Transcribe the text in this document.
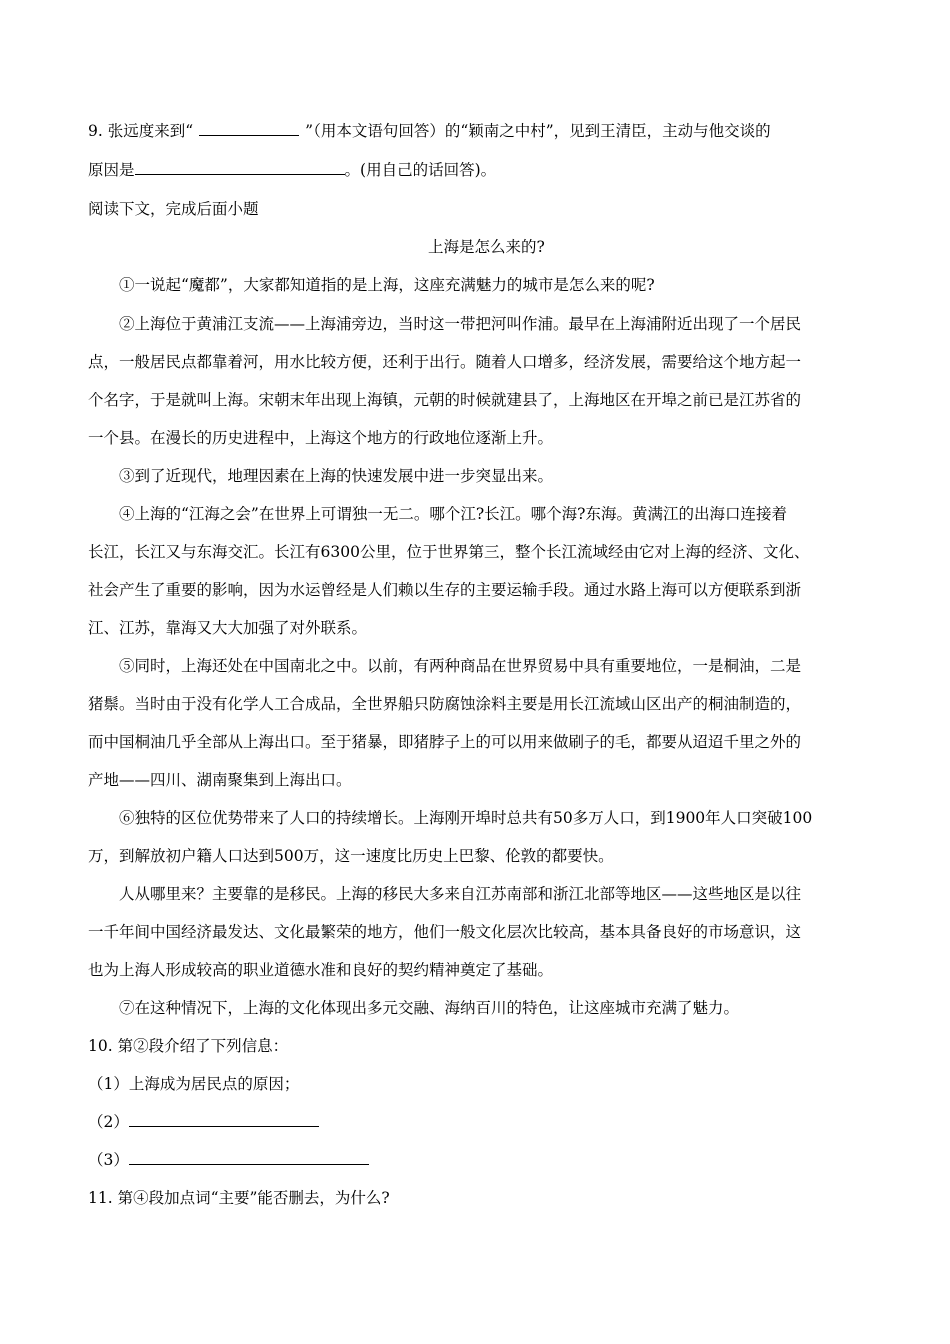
9. 张远度来到“	”（用本文语句回答）的“颖南之中村”，见到王清臣，主动与他交谈的
原因是	。(用自己的话回答)。
阅读下文，完成后面小题
上海是怎么来的?
①一说起“魔都”，大家都知道指的是上海，这座充满魅力的城市是怎么来的呢?
②上海位于黄浦江支流——上海浦旁边，当时这一带把河叫作浦。最早在上海浦附近出现了一个居民
点，一般居民点都靠着河，用水比较方便，还利于出行。随着人口增多，经济发展，需要给这个地方起一
个名字，于是就叫上海。宋朝末年出现上海镇，元朝的时候就建县了，上海地区在开埠之前已是江苏省的
一个县。在漫长的历史进程中，上海这个地方的行政地位逐渐上升。
③到了近现代，地理因素在上海的快速发展中进一步突显出来。
④上海的“江海之会”在世界上可谓独一无二。哪个江?长江。哪个海?东海。黄满江的出海口连接着
长江，长江又与东海交汇。长江有6300公里，位于世界第三，整个长江流域经由它对上海的经济、文化、
社会产生了重要的影响，因为水运曾经是人们赖以生存的主要运输手段。通过水路上海可以方便联系到浙
江、江苏，靠海又大大加强了对外联系。
⑤同时，上海还处在中国南北之中。以前，有两种商品在世界贸易中具有重要地位，一是桐油，二是
猪鬃。当时由于没有化学人工合成品，全世界船只防腐蚀涂料主要是用长江流域山区出产的桐油制造的，
而中国桐油几乎全部从上海出口。至于猪暴，即猪脖子上的可以用来做刷子的毛，都要从迢迢千里之外的
产地——四川、湖南聚集到上海出口。
⑥独特的区位优势带来了人口的持续增长。上海刚开埠时总共有50多万人口，到1900年人口突破100
万，到解放初户籍人口达到500万，这一速度比历史上巴黎、伦敦的都要快。
人从哪里来？主要靠的是移民。上海的移民大多来自江苏南部和浙江北部等地区——这些地区是以往
一千年间中国经济最发达、文化最繁荣的地方，他们一般文化层次比较高，基本具备良好的市场意识，这
也为上海人形成较高的职业道德水准和良好的契约精神奠定了基础。
⑦在这种情况下，上海的文化体现出多元交融、海纳百川的特色，让这座城市充满了魅力。
10. 第②段介绍了下列信息：
（1）上海成为居民点的原因；
（2）
（3）
11. 第④段加点词“主要”能否删去，为什么?
